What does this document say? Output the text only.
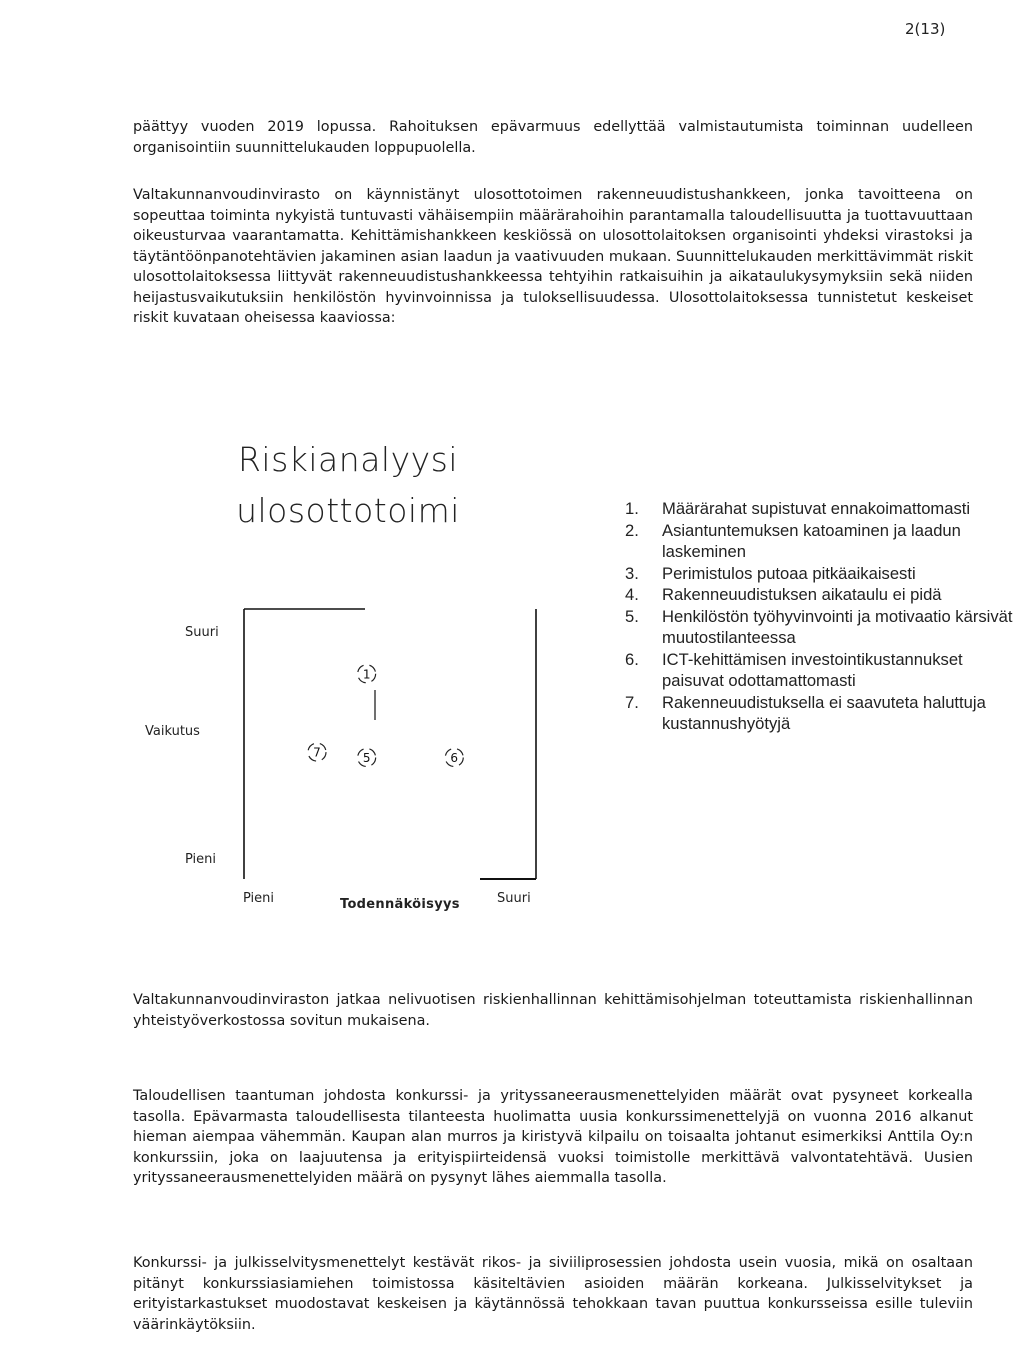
2(13)

päättyy vuoden 2019 lopussa. Rahoituksen epävarmuus edellyttää valmistautumista toiminnan uudelleen organisointiin suunnittelukauden loppupuolella.

Valtakunnanvoudinvirasto on käynnistänyt ulosottotoimen rakenneuudistushankkeen, jonka tavoitteena on sopeuttaa toiminta nykyistä tuntuvasti vähäisempiin määrärahoihin parantamalla taloudellisuutta ja tuottavuuttaan oikeusturvaa vaarantamatta. Kehittämishankkeen keskiössä on ulosottolaitoksen organisointi yhdeksi virastoksi ja täytäntöönpanotehtävien jakaminen asian laadun ja vaativuuden mukaan. Suunnittelukauden merkittävimmät riskit ulosottolaitoksessa liittyvät rakenneuudistushankkeessa tehtyihin ratkaisuihin ja aikataulukysymyksiin sekä niiden heijastusvaikutuksiin henkilöstön hyvinvoinnissa ja tuloksellisuudessa. Ulosottolaitoksessa tunnistetut keskeiset riskit kuvataan oheisessa kaaviossa:

Riskianalyysi
ulosottotoimi
Suuri
Vaikutus
Pieni
Pieni	Todennäköisyys	Suuri
1
7	5	6
1.	Määrärahat supistuvat ennakoimattomasti
2.	Asiantuntemuksen katoaminen ja laadun laskeminen
3.	Perimistulos putoaa pitkäaikaisesti
4.	Rakenneuudistuksen aikataulu ei pidä
5.	Henkilöstön työhyvinvointi ja motivaatio kärsivät muutostilanteessa
6.	ICT-kehittämisen investointikustannukset paisuvat odottamattomasti
7.	Rakenneuudistuksella ei saavuteta haluttuja kustannushyötyjä

Valtakunnanvoudinviraston jatkaa nelivuotisen riskienhallinnan kehittämisohjelman toteuttamista riskienhallinnan yhteistyöverkostossa sovitun mukaisena.

Taloudellisen taantuman johdosta konkurssi- ja yrityssaneerausmenettelyiden määrät ovat pysyneet korkealla tasolla. Epävarmasta taloudellisesta tilanteesta huolimatta uusia konkurssimenettelyjä on vuonna 2016 alkanut hieman aiempaa vähemmän. Kaupan alan murros ja kiristyvä kilpailu on toisaalta johtanut esimerkiksi Anttila Oy:n konkurssiin, joka on laajuutensa ja erityispiirteidensä vuoksi toimistolle merkittävä valvontatehtävä. Uusien yrityssaneerausmenettelyiden määrä on pysynyt lähes aiemmalla tasolla.

Konkurssi- ja julkisselvitysmenettelyt kestävät rikos- ja siviiliprosessien johdosta usein vuosia, mikä on osaltaan pitänyt konkurssiasiamiehen toimistossa käsiteltävien asioiden määrän korkeana. Julkisselvitykset ja erityistarkastukset muodostavat keskeisen ja käytännössä tehokkaan tavan puuttua konkursseissa esille tuleviin väärinkäytöksiin.
